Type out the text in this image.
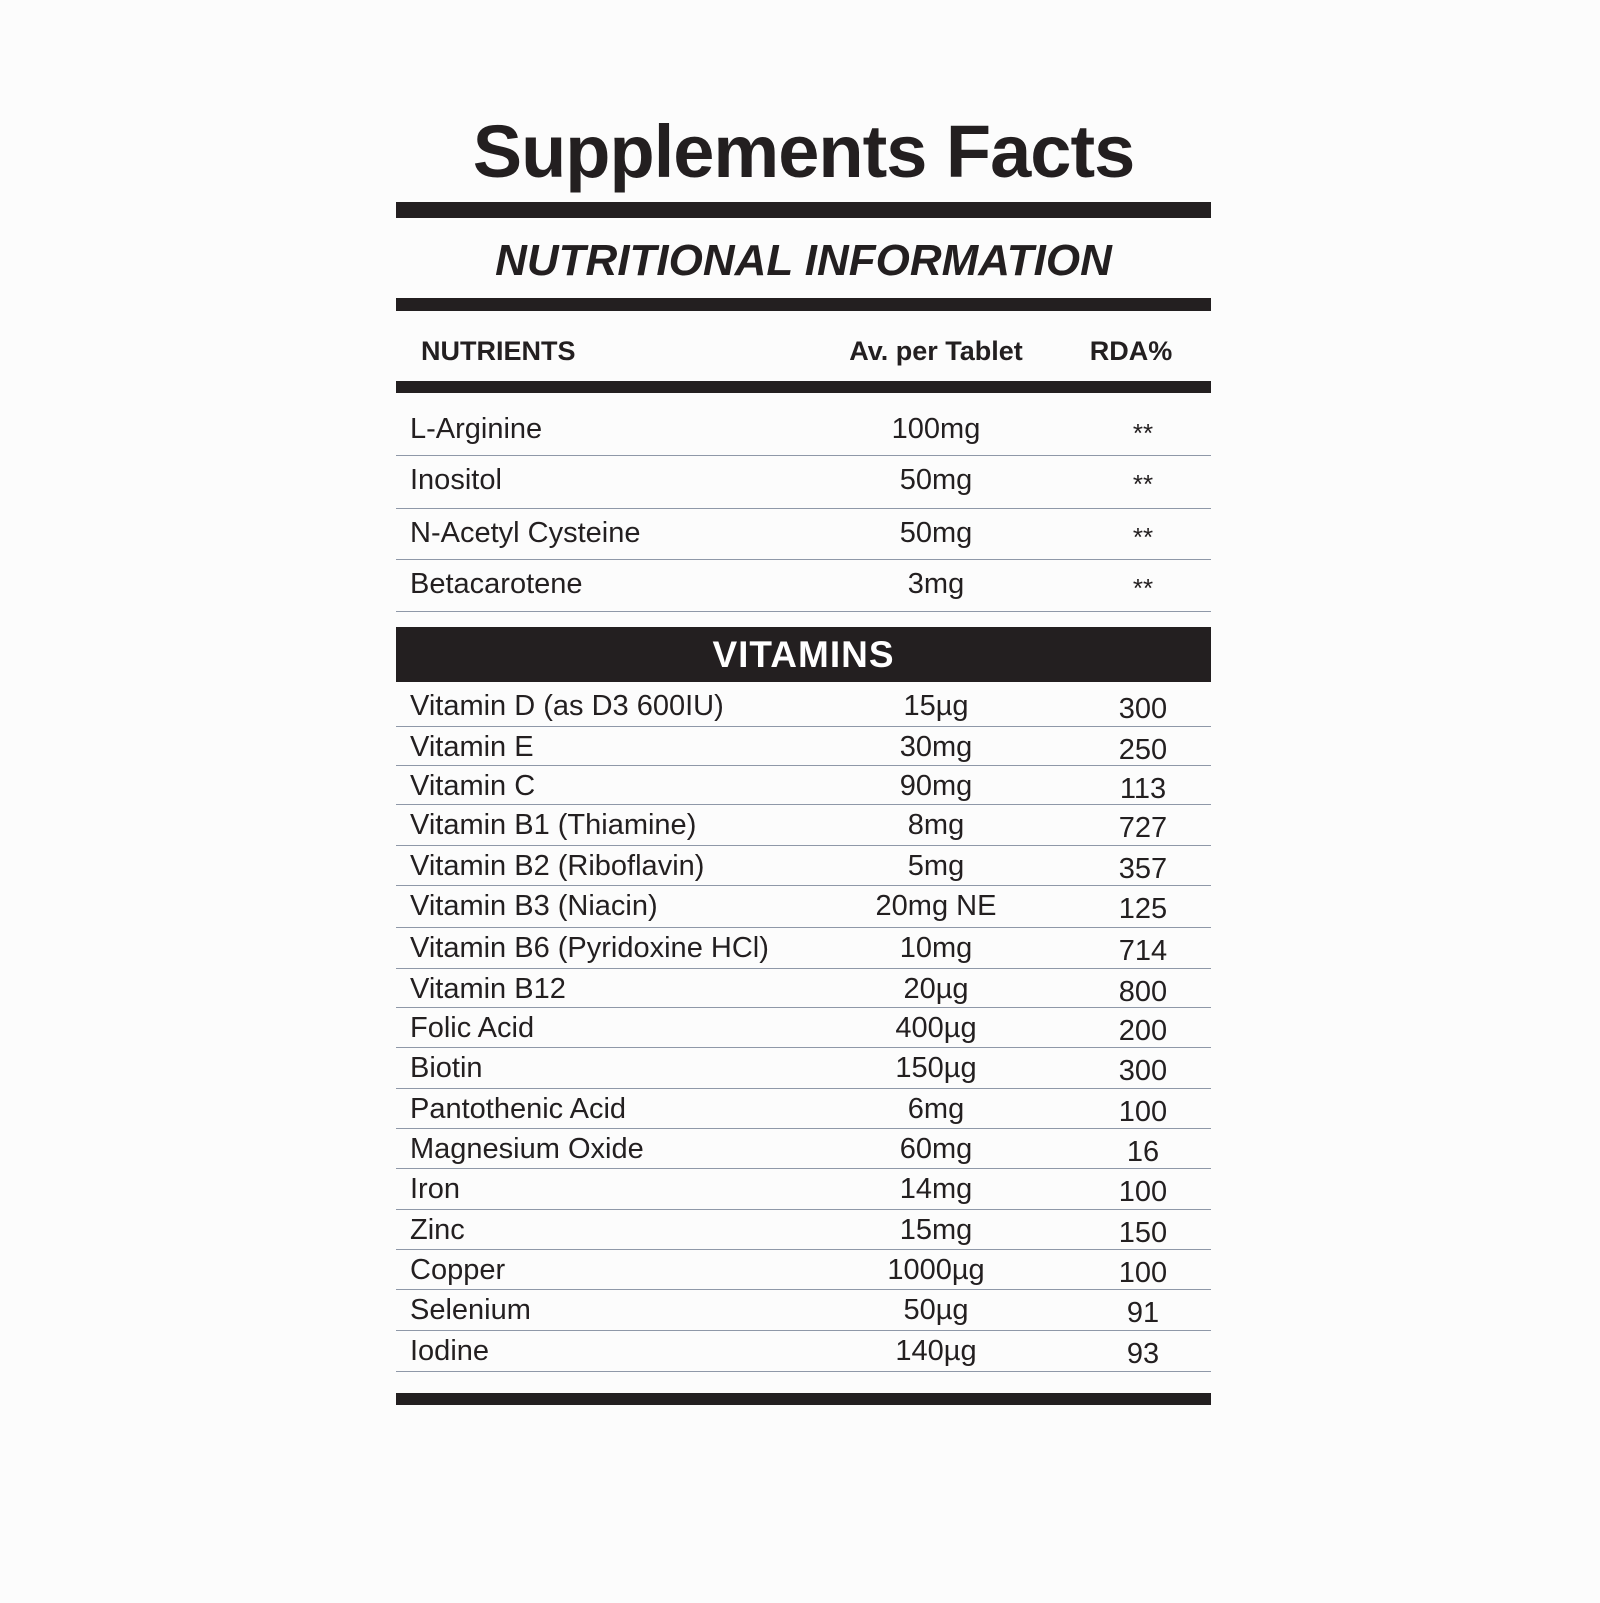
Supplements Facts
NUTRITIONAL INFORMATION
NUTRIENTS	Av. per Tablet	RDA%
L-Arginine	100mg	**
Inositol	50mg	**
N-Acetyl Cysteine	50mg	**
Betacarotene	3mg	**
VITAMINS
Vitamin D (as D3 600IU)	15µg	300
Vitamin E	30mg	250
Vitamin C	90mg	113
Vitamin B1 (Thiamine)	8mg	727
Vitamin B2 (Riboflavin)	5mg	357
Vitamin B3 (Niacin)	20mg NE	125
Vitamin B6 (Pyridoxine HCl)	10mg	714
Vitamin B12	20µg	800
Folic Acid	400µg	200
Biotin	150µg	300
Pantothenic Acid	6mg	100
Magnesium Oxide	60mg	16
Iron	14mg	100
Zinc	15mg	150
Copper	1000µg	100
Selenium	50µg	91
Iodine	140µg	93
